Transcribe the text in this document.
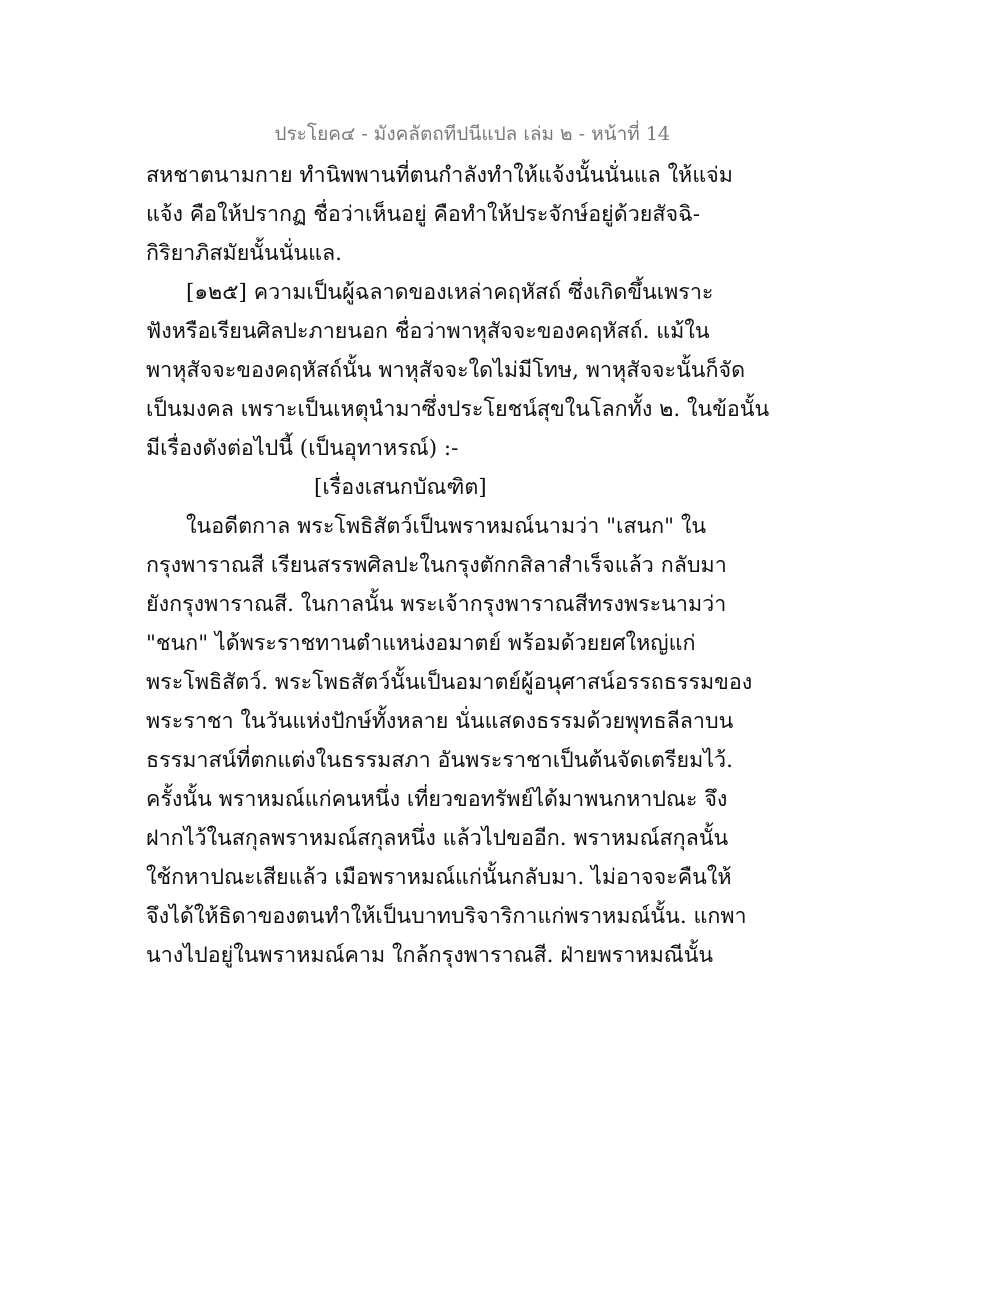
ประโยค๔ - มังคลัตถทีปนีแปล เล่ม ๒ - หน้าที่ 14
สหชาตนามกาย ทำนิพพานที่ตนกำลังทำให้แจ้งนั้นนั่นแล ให้แจ่ม
แจ้ง คือให้ปรากฏ ชื่อว่าเห็นอยู่ คือทำให้ประจักษ์อยู่ด้วยสัจฉิ-
กิริยาภิสมัยนั้นนั่นแล.
[๑๒๕] ความเป็นผู้ฉลาดของเหล่าคฤหัสถ์ ซึ่งเกิดขึ้นเพราะ
ฟังหรือเรียนศิลปะภายนอก ชื่อว่าพาหุสัจจะของคฤหัสถ์. แม้ใน
พาหุสัจจะของคฤหัสถ์นั้น พาหุสัจจะใดไม่มีโทษ, พาหุสัจจะนั้นก็จัด
เป็นมงคล เพราะเป็นเหตุนำมาซึ่งประโยชน์สุขในโลกทั้ง ๒. ในข้อนั้น
มีเรื่องดังต่อไปนี้ (เป็นอุทาหรณ์) :-
[เรื่องเสนกบัณฑิต]
ในอดีตกาล พระโพธิสัตว์เป็นพราหมณ์นามว่า "เสนก" ใน
กรุงพาราณสี เรียนสรรพศิลปะในกรุงตักกสิลาสำเร็จแล้ว กลับมา
ยังกรุงพาราณสี. ในกาลนั้น พระเจ้ากรุงพาราณสีทรงพระนามว่า
"ชนก" ได้พระราชทานตำแหน่งอมาตย์ พร้อมด้วยยศใหญ่แก่
พระโพธิสัตว์. พระโพธสัตว์นั้นเป็นอมาตย์ผู้อนุศาสน์อรรถธรรมของ
พระราชา ในวันแห่งปักษ์ทั้งหลาย นั่นแสดงธรรมด้วยพุทธลีลาบน
ธรรมาสน์ที่ตกแต่งในธรรมสภา อันพระราชาเป็นต้นจัดเตรียมไว้.
ครั้งนั้น พราหมณ์แก่คนหนึ่ง เที่ยวขอทรัพย์ได้มาพนกหาปณะ จึง
ฝากไว้ในสกุลพราหมณ์สกุลหนึ่ง แล้วไปขออีก. พราหมณ์สกุลนั้น
ใช้กหาปณะเสียแล้ว เมือพราหมณ์แก่นั้นกลับมา. ไม่อาจจะคืนให้
จึงได้ให้ธิดาของตนทำให้เป็นบาทบริจาริกาแก่พราหมณ์นั้น. แกพา
นางไปอยู่ในพราหมณ์คาม ใกล้กรุงพาราณสี. ฝ่ายพราหมณีนั้น
